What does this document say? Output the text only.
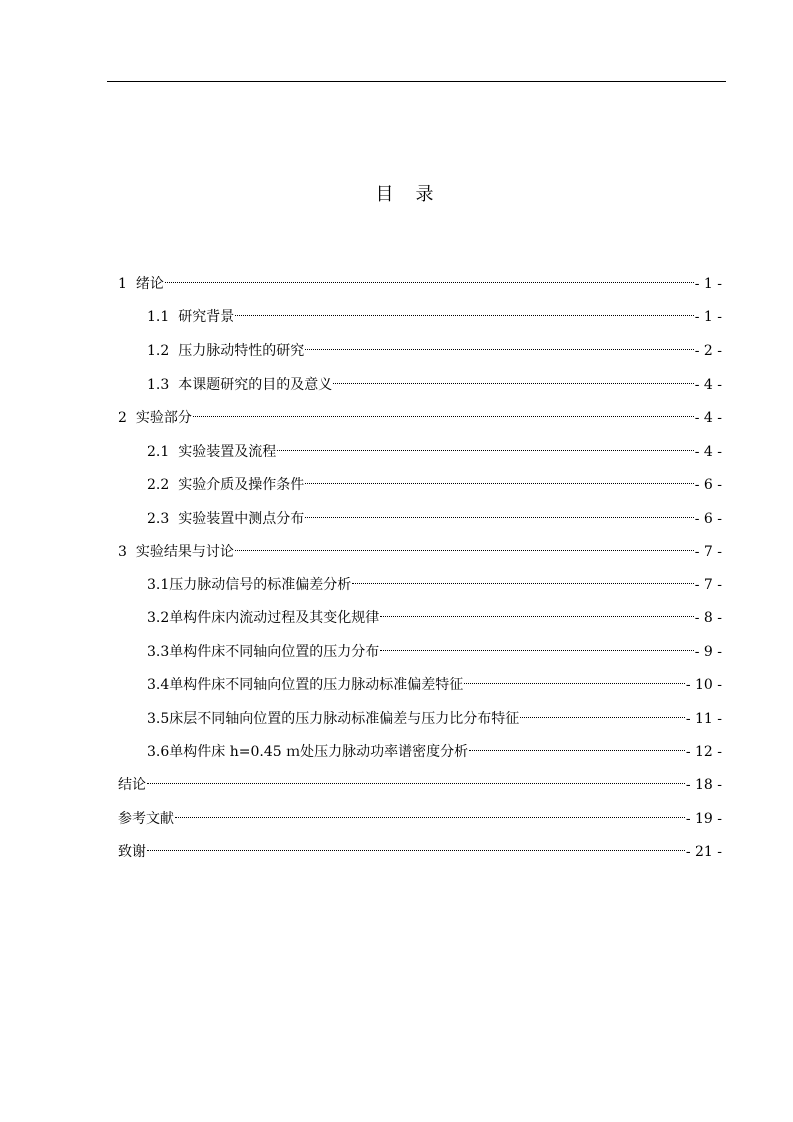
目录
1 绪论	- 1 -
1.1 研究背景	- 1 -
1.2 压力脉动特性的研究	- 2 -
1.3 本课题研究的目的及意义	- 4 -
2 实验部分	- 4 -
2.1 实验装置及流程	- 4 -
2.2 实验介质及操作条件	- 6 -
2.3 实验装置中测点分布	- 6 -
3 实验结果与讨论	- 7 -
3.1 压力脉动信号的标准偏差分析	- 7 -
3.2 单构件床内流动过程及其变化规律	- 8 -
3.3 单构件床不同轴向位置的压力分布	- 9 -
3.4 单构件床不同轴向位置的压力脉动标准偏差特征	- 10 -
3.5 床层不同轴向位置的压力脉动标准偏差与压力比分布特征	- 11 -
3.6 单构件床 h=0.45 ｍ处压力脉动功率谱密度分析	- 12 -
结论	- 18 -
参考文献	- 19 -
致谢	- 21 -
